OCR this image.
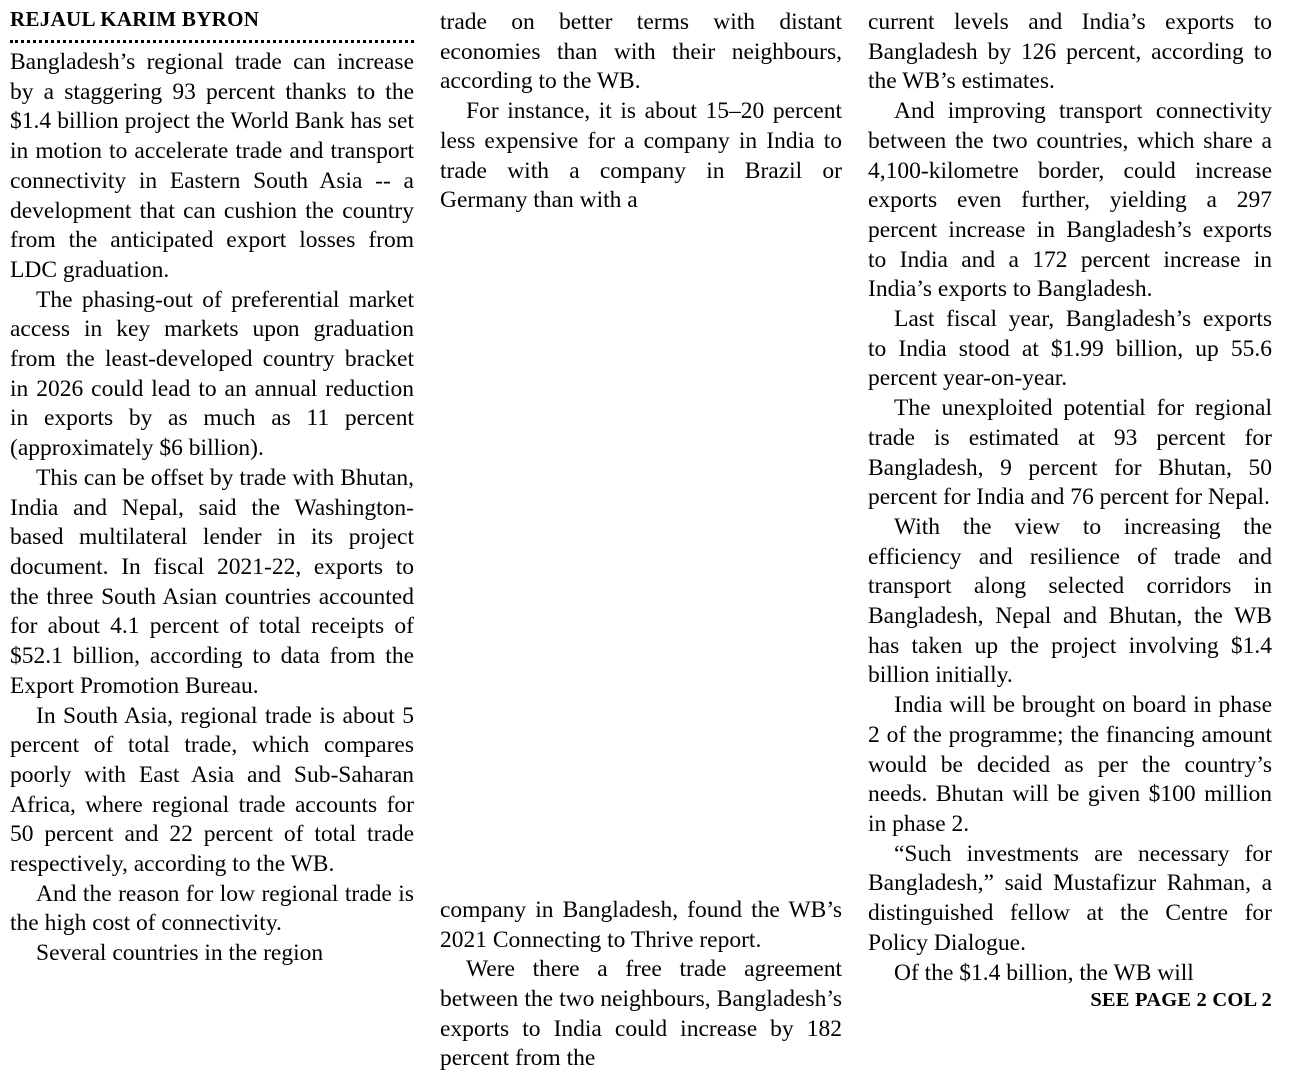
REJAUL KARIM BYRON

Bangladesh’s regional trade can increase by a staggering 93 percent thanks to the $1.4 billion project the World Bank has set in motion to accelerate trade and transport connectivity in Eastern South Asia -- a development that can cushion the country from the anticipated export losses from LDC graduation.

The phasing-out of preferential market access in key markets upon graduation from the least-developed country bracket in 2026 could lead to an annual reduction in exports by as much as 11 percent (approximately $6 billion).

This can be offset by trade with Bhutan, India and Nepal, said the Washington-based multilateral lender in its project document. In fiscal 2021-22, exports to the three South Asian countries accounted for about 4.1 percent of total receipts of $52.1 billion, according to data from the Export Promotion Bureau.

In South Asia, regional trade is about 5 percent of total trade, which compares poorly with East Asia and Sub-Saharan Africa, where regional trade accounts for 50 percent and 22 percent of total trade respectively, according to the WB.

And the reason for low regional trade is the high cost of connectivity.

Several countries in the region

trade on better terms with distant economies than with their neighbours, according to the WB.

For instance, it is about 15–20 percent less expensive for a company in India to trade with a company in Brazil or Germany than with a

company in Bangladesh, found the WB’s 2021 Connecting to Thrive report.

Were there a free trade agreement between the two neighbours, Bangladesh’s exports to India could increase by 182 percent from the

current levels and India’s exports to Bangladesh by 126 percent, according to the WB’s estimates.

And improving transport connectivity between the two countries, which share a 4,100-kilometre border, could increase exports even further, yielding a 297 percent increase in Bangladesh’s exports to India and a 172 percent increase in India’s exports to Bangladesh.

Last fiscal year, Bangladesh’s exports to India stood at $1.99 billion, up 55.6 percent year-on-year.

The unexploited potential for regional trade is estimated at 93 percent for Bangladesh, 9 percent for Bhutan, 50 percent for India and 76 percent for Nepal.

With the view to increasing the efficiency and resilience of trade and transport along selected corridors in Bangladesh, Nepal and Bhutan, the WB has taken up the project involving $1.4 billion initially.

India will be brought on board in phase 2 of the programme; the financing amount would be decided as per the country’s needs. Bhutan will be given $100 million in phase 2.

“Such investments are necessary for Bangladesh,” said Mustafizur Rahman, a distinguished fellow at the Centre for Policy Dialogue.

Of the $1.4 billion, the WB will

SEE PAGE 2 COL 2
